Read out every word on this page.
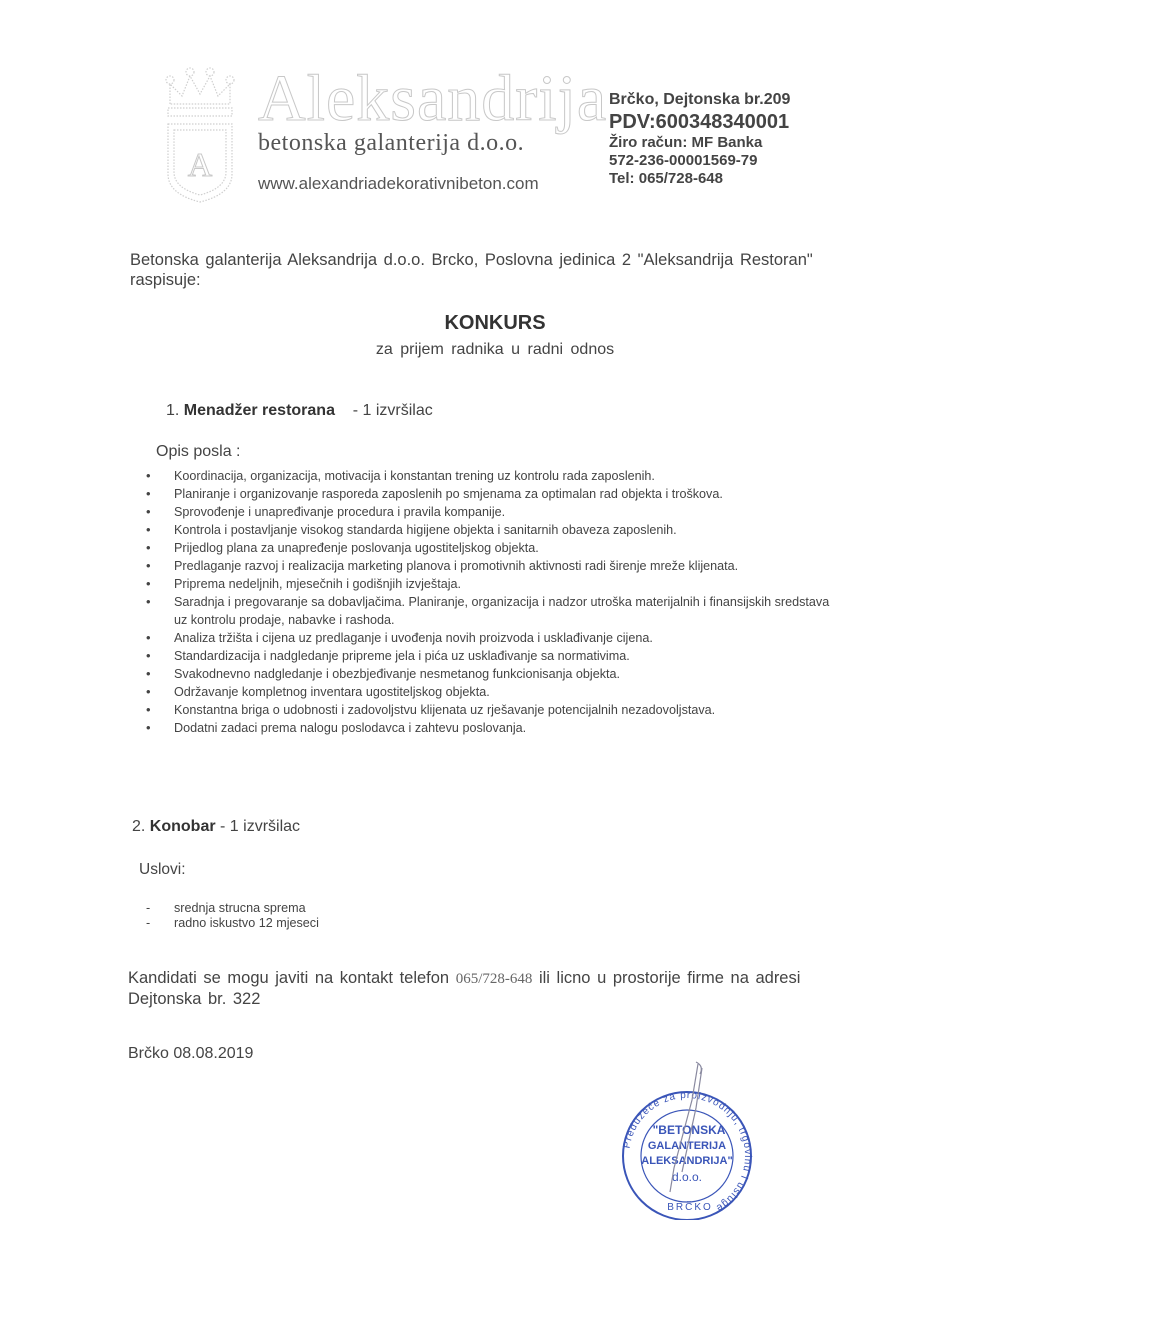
A
Aleksandrija
betonska galanterija d.o.o.
www.alexandriadekorativnibeton.com
Brčko, Dejtonska br.209
PDV:600348340001
Žiro račun: MF Banka
572-236-00001569-79
Tel: 065/728-648
Betonska galanterija Aleksandrija d.o.o. Brcko, Poslovna jedinica 2 "Aleksandrija Restoran" raspisuje:
KONKURS
za prijem radnika u radni odnos
1. Menadžer restorana - 1 izvršilac
Opis posla :
• Koordinacija, organizacija, motivacija i konstantan trening uz kontrolu rada zaposlenih.
• Planiranje i organizovanje rasporeda zaposlenih po smjenama za optimalan rad objekta i troškova.
• Sprovođenje i unapređivanje procedura i pravila kompanije.
• Kontrola i postavljanje visokog standarda higijene objekta i sanitarnih obaveza zaposlenih.
• Prijedlog plana za unapređenje poslovanja ugostiteljskog objekta.
• Predlaganje razvoj i realizacija marketing planova i promotivnih aktivnosti radi širenje mreže klijenata.
• Priprema nedeljnih, mjesečnih i godišnjih izvještaja.
• Saradnja i pregovaranje sa dobavljačima. Planiranje, organizacija i nadzor utroška materijalnih i finansijskih sredstava uz kontrolu prodaje, nabavke i rashoda.
• Analiza tržišta i cijena uz predlaganje i uvođenja novih proizvoda i usklađivanje cijena.
• Standardizacija i nadgledanje pripreme jela i pića uz usklađivanje sa normativima.
• Svakodnevno nadgledanje i obezbjeđivanje nesmetanog funkcionisanja objekta.
• Održavanje kompletnog inventara ugostiteljskog objekta.
• Konstantna briga o udobnosti i zadovoljstvu klijenata uz rješavanje potencijalnih nezadovoljstava.
• Dodatni zadaci prema nalogu poslodavca i zahtevu poslovanja.
2. Konobar - 1 izvršilac
Uslovi:
- srednja strucna sprema
- radno iskustvo 12 mjeseci
Kandidati se mogu javiti na kontakt telefon 065/728-648 ili licno u prostorije firme na adresi Dejtonska br. 322
Brčko 08.08.2019
Preduzeće za proizvodnju, trgovinu i usluge
"BETONSKA
GALANTERIJA
ALEKSANDRIJA"
d.o.o.
BRČKO
